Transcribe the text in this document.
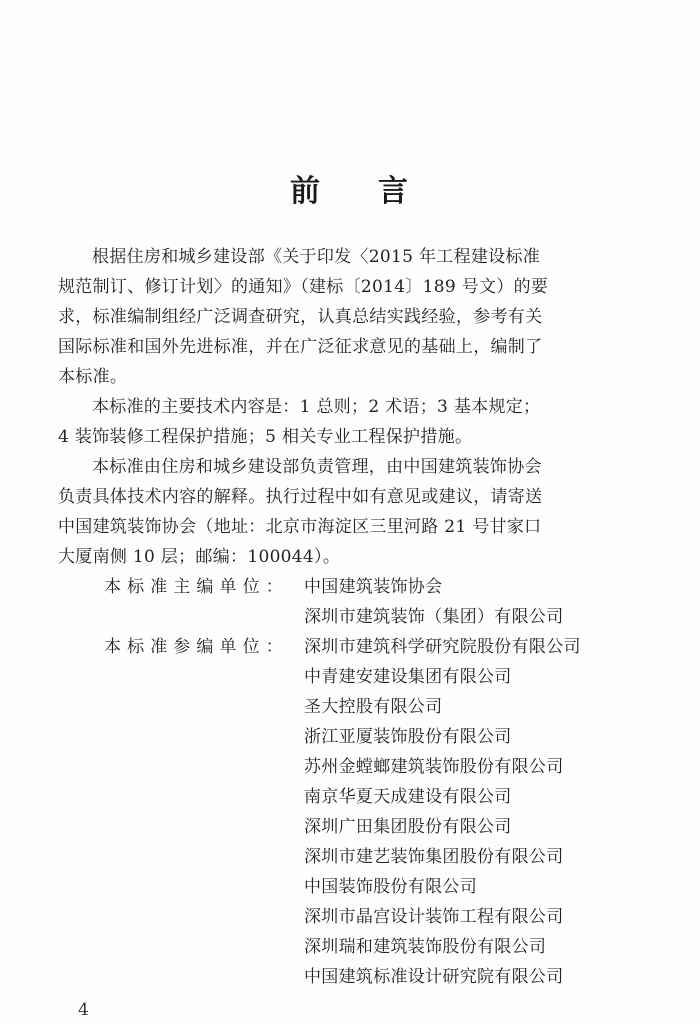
前 言

根据住房和城乡建设部《关于印发〈2015 年工程建设标准
规范制订、修订计划〉的通知》（建标〔2014〕189 号文）的要
求，标准编制组经广泛调查研究，认真总结实践经验，参考有关
国际标准和国外先进标准，并在广泛征求意见的基础上，编制了
本标准。

本标准的主要技术内容是：1 总则；2 术语；3 基本规定；
4 装饰装修工程保护措施；5 相关专业工程保护措施。

本标准由住房和城乡建设部负责管理，由中国建筑装饰协会
负责具体技术内容的解释。执行过程中如有意见或建议，请寄送
中国建筑装饰协会（地址：北京市海淀区三里河路 21 号甘家口
大厦南侧 10 层；邮编：100044）。

本标准主编单位： 中国建筑装饰协会
深圳市建筑装饰（集团）有限公司
本标准参编单位： 深圳市建筑科学研究院股份有限公司
中青建安建设集团有限公司
圣大控股有限公司
浙江亚厦装饰股份有限公司
苏州金螳螂建筑装饰股份有限公司
南京华夏天成建设有限公司
深圳广田集团股份有限公司
深圳市建艺装饰集团股份有限公司
中国装饰股份有限公司
深圳市晶宫设计装饰工程有限公司
深圳瑞和建筑装饰股份有限公司
中国建筑标准设计研究院有限公司
4
